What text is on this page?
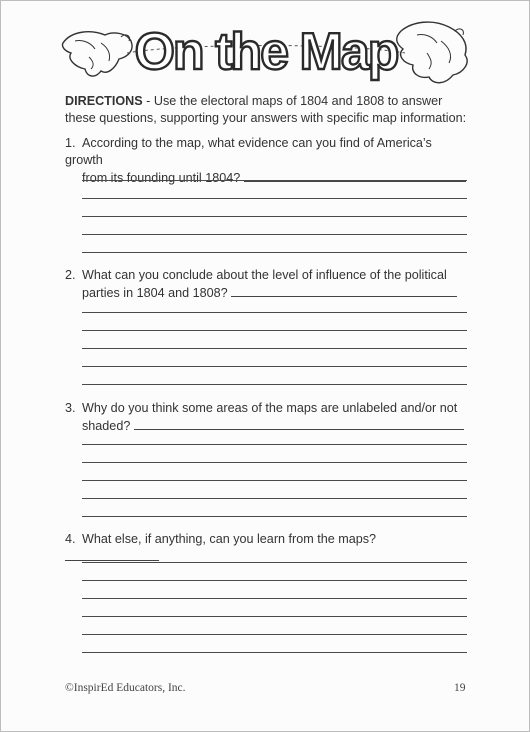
On the Map
DIRECTIONS - Use the electoral maps of 1804 and 1808 to answer these questions, supporting your answers with specific map information:
1. According to the map, what evidence can you find of America’s growth
from its founding until 1804?
2. What can you conclude about the level of influence of the political
parties in 1804 and 1808?
3. Why do you think some areas of the maps are unlabeled and/or not
shaded?
4. What else, if anything, can you learn from the maps?
©InspirEd Educators, Inc.	19
